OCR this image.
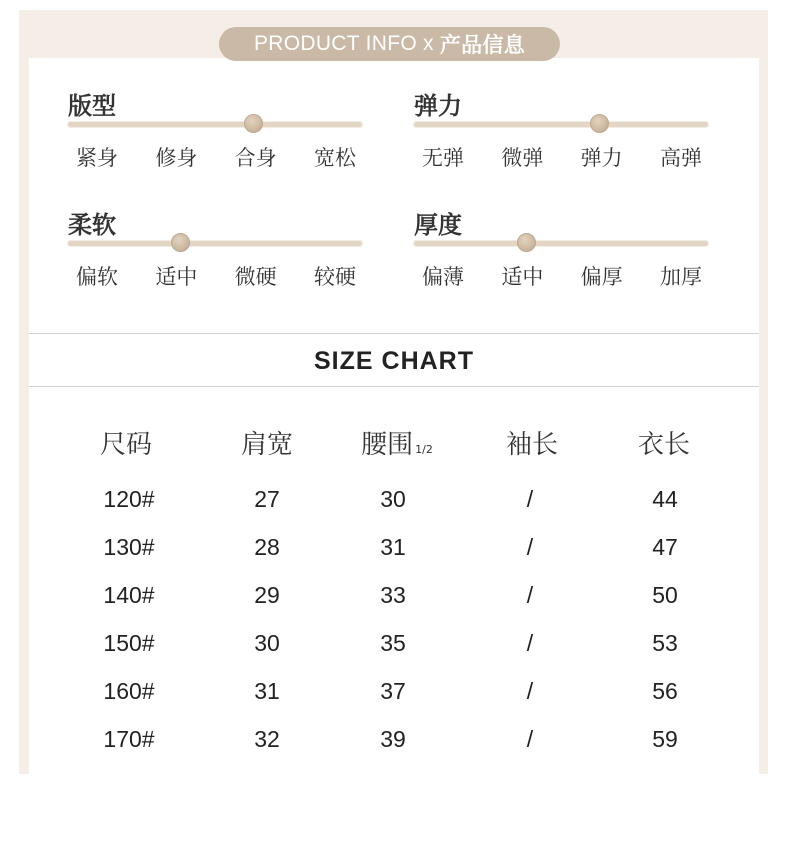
PRODUCT INFO x 产品信息
版型
紧身	修身	合身	宽松
弹力
无弹	微弹	弹力	高弹
柔软
偏软	适中	微硬	较硬
厚度
偏薄	适中	偏厚	加厚
SIZE CHART
尺码	肩宽	腰围 1/2	袖长	衣长
120#	27	30	/	44
130#	28	31	/	47
140#	29	33	/	50
150#	30	35	/	53
160#	31	37	/	56
170#	32	39	/	59
